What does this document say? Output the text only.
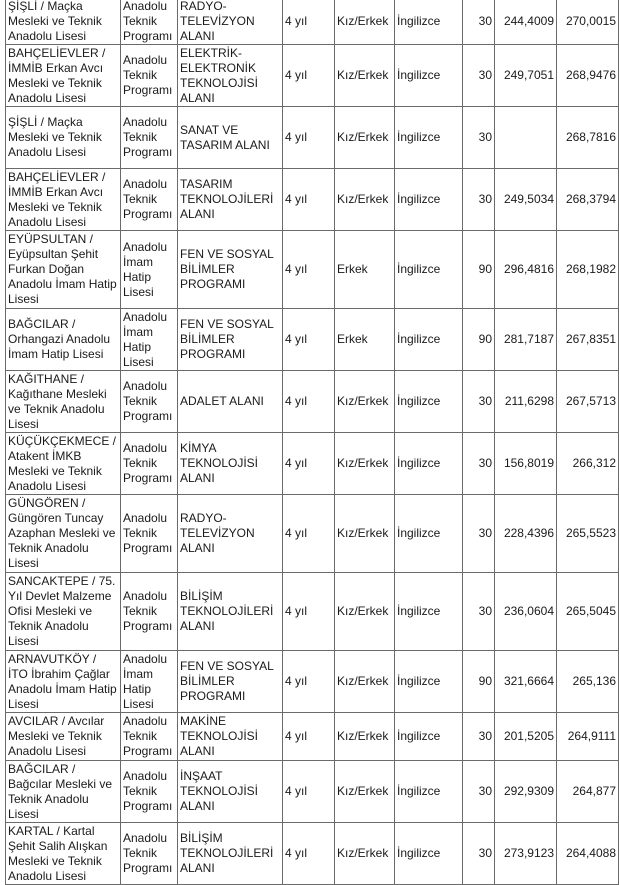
ŞİŞLİ / Maçka Mesleki ve Teknik Anadolu Lisesi	Anadolu Teknik Programı	RADYO-TELEVİZYON ALANI	4 yıl	Kız/Erkek	İngilizce	30	244,4009	270,0015
BAHÇELİEVLER / İMMİB Erkan Avcı Mesleki ve Teknik Anadolu Lisesi	Anadolu Teknik Programı	ELEKTRİK-ELEKTRONİK TEKNOLOJİSİ ALANI	4 yıl	Kız/Erkek	İngilizce	30	249,7051	268,9476
ŞİŞLİ / Maçka Mesleki ve Teknik Anadolu Lisesi	Anadolu Teknik Programı	SANAT VE TASARIM ALANI	4 yıl	Kız/Erkek	İngilizce	30		268,7816
BAHÇELİEVLER / İMMİB Erkan Avcı Mesleki ve Teknik Anadolu Lisesi	Anadolu Teknik Programı	TASARIM TEKNOLOJİLERİ ALANI	4 yıl	Kız/Erkek	İngilizce	30	249,5034	268,3794
EYÜPSULTAN / Eyüpsultan Şehit Furkan Doğan Anadolu İmam Hatip Lisesi	Anadolu İmam Hatip Lisesi	FEN VE SOSYAL BİLİMLER PROGRAMI	4 yıl	Erkek	İngilizce	90	296,4816	268,1982
BAĞCILAR / Orhangazi Anadolu İmam Hatip Lisesi	Anadolu İmam Hatip Lisesi	FEN VE SOSYAL BİLİMLER PROGRAMI	4 yıl	Erkek	İngilizce	90	281,7187	267,8351
KAĞITHANE / Kağıthane Mesleki ve Teknik Anadolu Lisesi	Anadolu Teknik Programı	ADALET ALANI	4 yıl	Kız/Erkek	İngilizce	30	211,6298	267,5713
KÜÇÜKÇEKMECE / Atakent İMKB Mesleki ve Teknik Anadolu Lisesi	Anadolu Teknik Programı	KİMYA TEKNOLOJİSİ ALANI	4 yıl	Kız/Erkek	İngilizce	30	156,8019	266,312
GÜNGÖREN / Güngören Tuncay Azaphan Mesleki ve Teknik Anadolu Lisesi	Anadolu Teknik Programı	RADYO-TELEVİZYON ALANI	4 yıl	Kız/Erkek	İngilizce	30	228,4396	265,5523
SANCAKTEPE / 75. Yıl Devlet Malzeme Ofisi Mesleki ve Teknik Anadolu Lisesi	Anadolu Teknik Programı	BİLİŞİM TEKNOLOJİLERİ ALANI	4 yıl	Kız/Erkek	İngilizce	30	236,0604	265,5045
ARNAVUTKÖY / İTO İbrahim Çağlar Anadolu İmam Hatip Lisesi	Anadolu İmam Hatip Lisesi	FEN VE SOSYAL BİLİMLER PROGRAMI	4 yıl	Kız/Erkek	İngilizce	90	321,6664	265,136
AVCILAR / Avcılar Mesleki ve Teknik Anadolu Lisesi	Anadolu Teknik Programı	MAKİNE TEKNOLOJİSİ ALANI	4 yıl	Kız/Erkek	İngilizce	30	201,5205	264,9111
BAĞCILAR / Bağcılar Mesleki ve Teknik Anadolu Lisesi	Anadolu Teknik Programı	İNŞAAT TEKNOLOJİSİ ALANI	4 yıl	Kız/Erkek	İngilizce	30	292,9309	264,877
KARTAL / Kartal Şehit Salih Alışkan Mesleki ve Teknik Anadolu Lisesi	Anadolu Teknik Programı	BİLİŞİM TEKNOLOJİLERİ ALANI	4 yıl	Kız/Erkek	İngilizce	30	273,9123	264,4088
